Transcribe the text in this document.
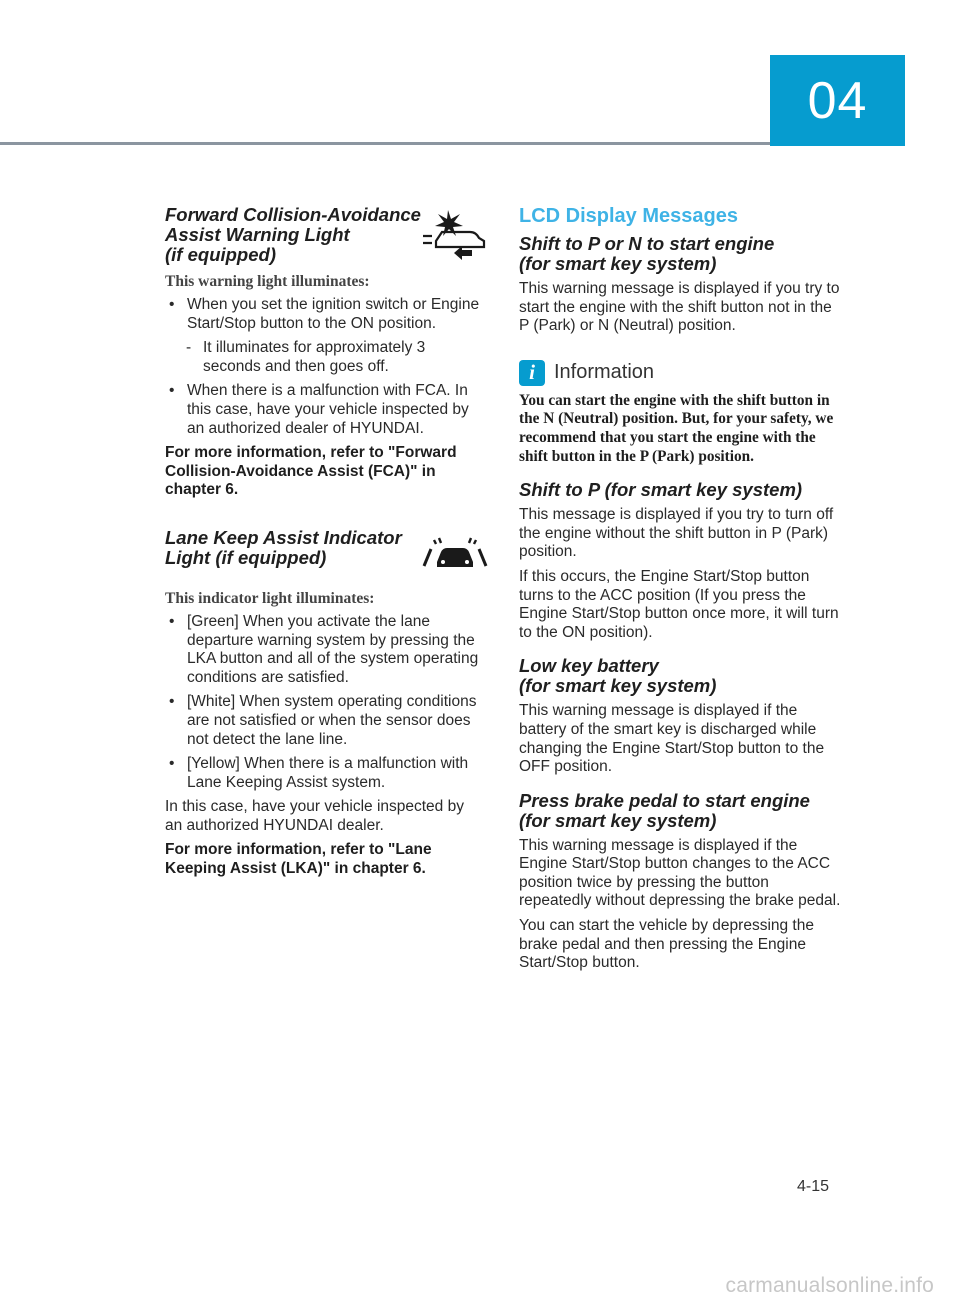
04

Forward Collision-Avoidance
Assist Warning Light
(if equipped)

This warning light illuminates:

• When you set the ignition switch or Engine Start/Stop button to the ON position.
- It illuminates for approximately 3 seconds and then goes off.
• When there is a malfunction with FCA. In this case, have your vehicle inspected by an authorized dealer of HYUNDAI.

For more information, refer to "Forward Collision-Avoidance Assist (FCA)" in chapter 6.

Lane Keep Assist Indicator
Light (if equipped)

This indicator light illuminates:

• [Green] When you activate the lane departure warning system by pressing the LKA button and all of the system operating conditions are satisfied.
• [White] When system operating conditions are not satisfied or when the sensor does not detect the lane line.
• [Yellow] When there is a malfunction with Lane Keeping Assist system.

In this case, have your vehicle inspected by an authorized HYUNDAI dealer.

For more information, refer to "Lane Keeping Assist (LKA)" in chapter 6.

LCD Display Messages

Shift to P or N to start engine
(for smart key system)

This warning message is displayed if you try to start the engine with the shift button not in the P (Park) or N (Neutral) position.

i Information

You can start the engine with the shift button in the N (Neutral) position. But, for your safety, we recommend that you start the engine with the shift button in the P (Park) position.

Shift to P (for smart key system)

This message is displayed if you try to turn off the engine without the shift button in P (Park) position.

If this occurs, the Engine Start/Stop button turns to the ACC position (If you press the Engine Start/Stop button once more, it will turn to the ON position).

Low key battery
(for smart key system)

This warning message is displayed if the battery of the smart key is discharged while changing the Engine Start/Stop button to the OFF position.

Press brake pedal to start engine
(for smart key system)

This warning message is displayed if the Engine Start/Stop button changes to the ACC position twice by pressing the button repeatedly without depressing the brake pedal.

You can start the vehicle by depressing the brake pedal and then pressing the Engine Start/Stop button.

4-15
carmanualsonline.info
